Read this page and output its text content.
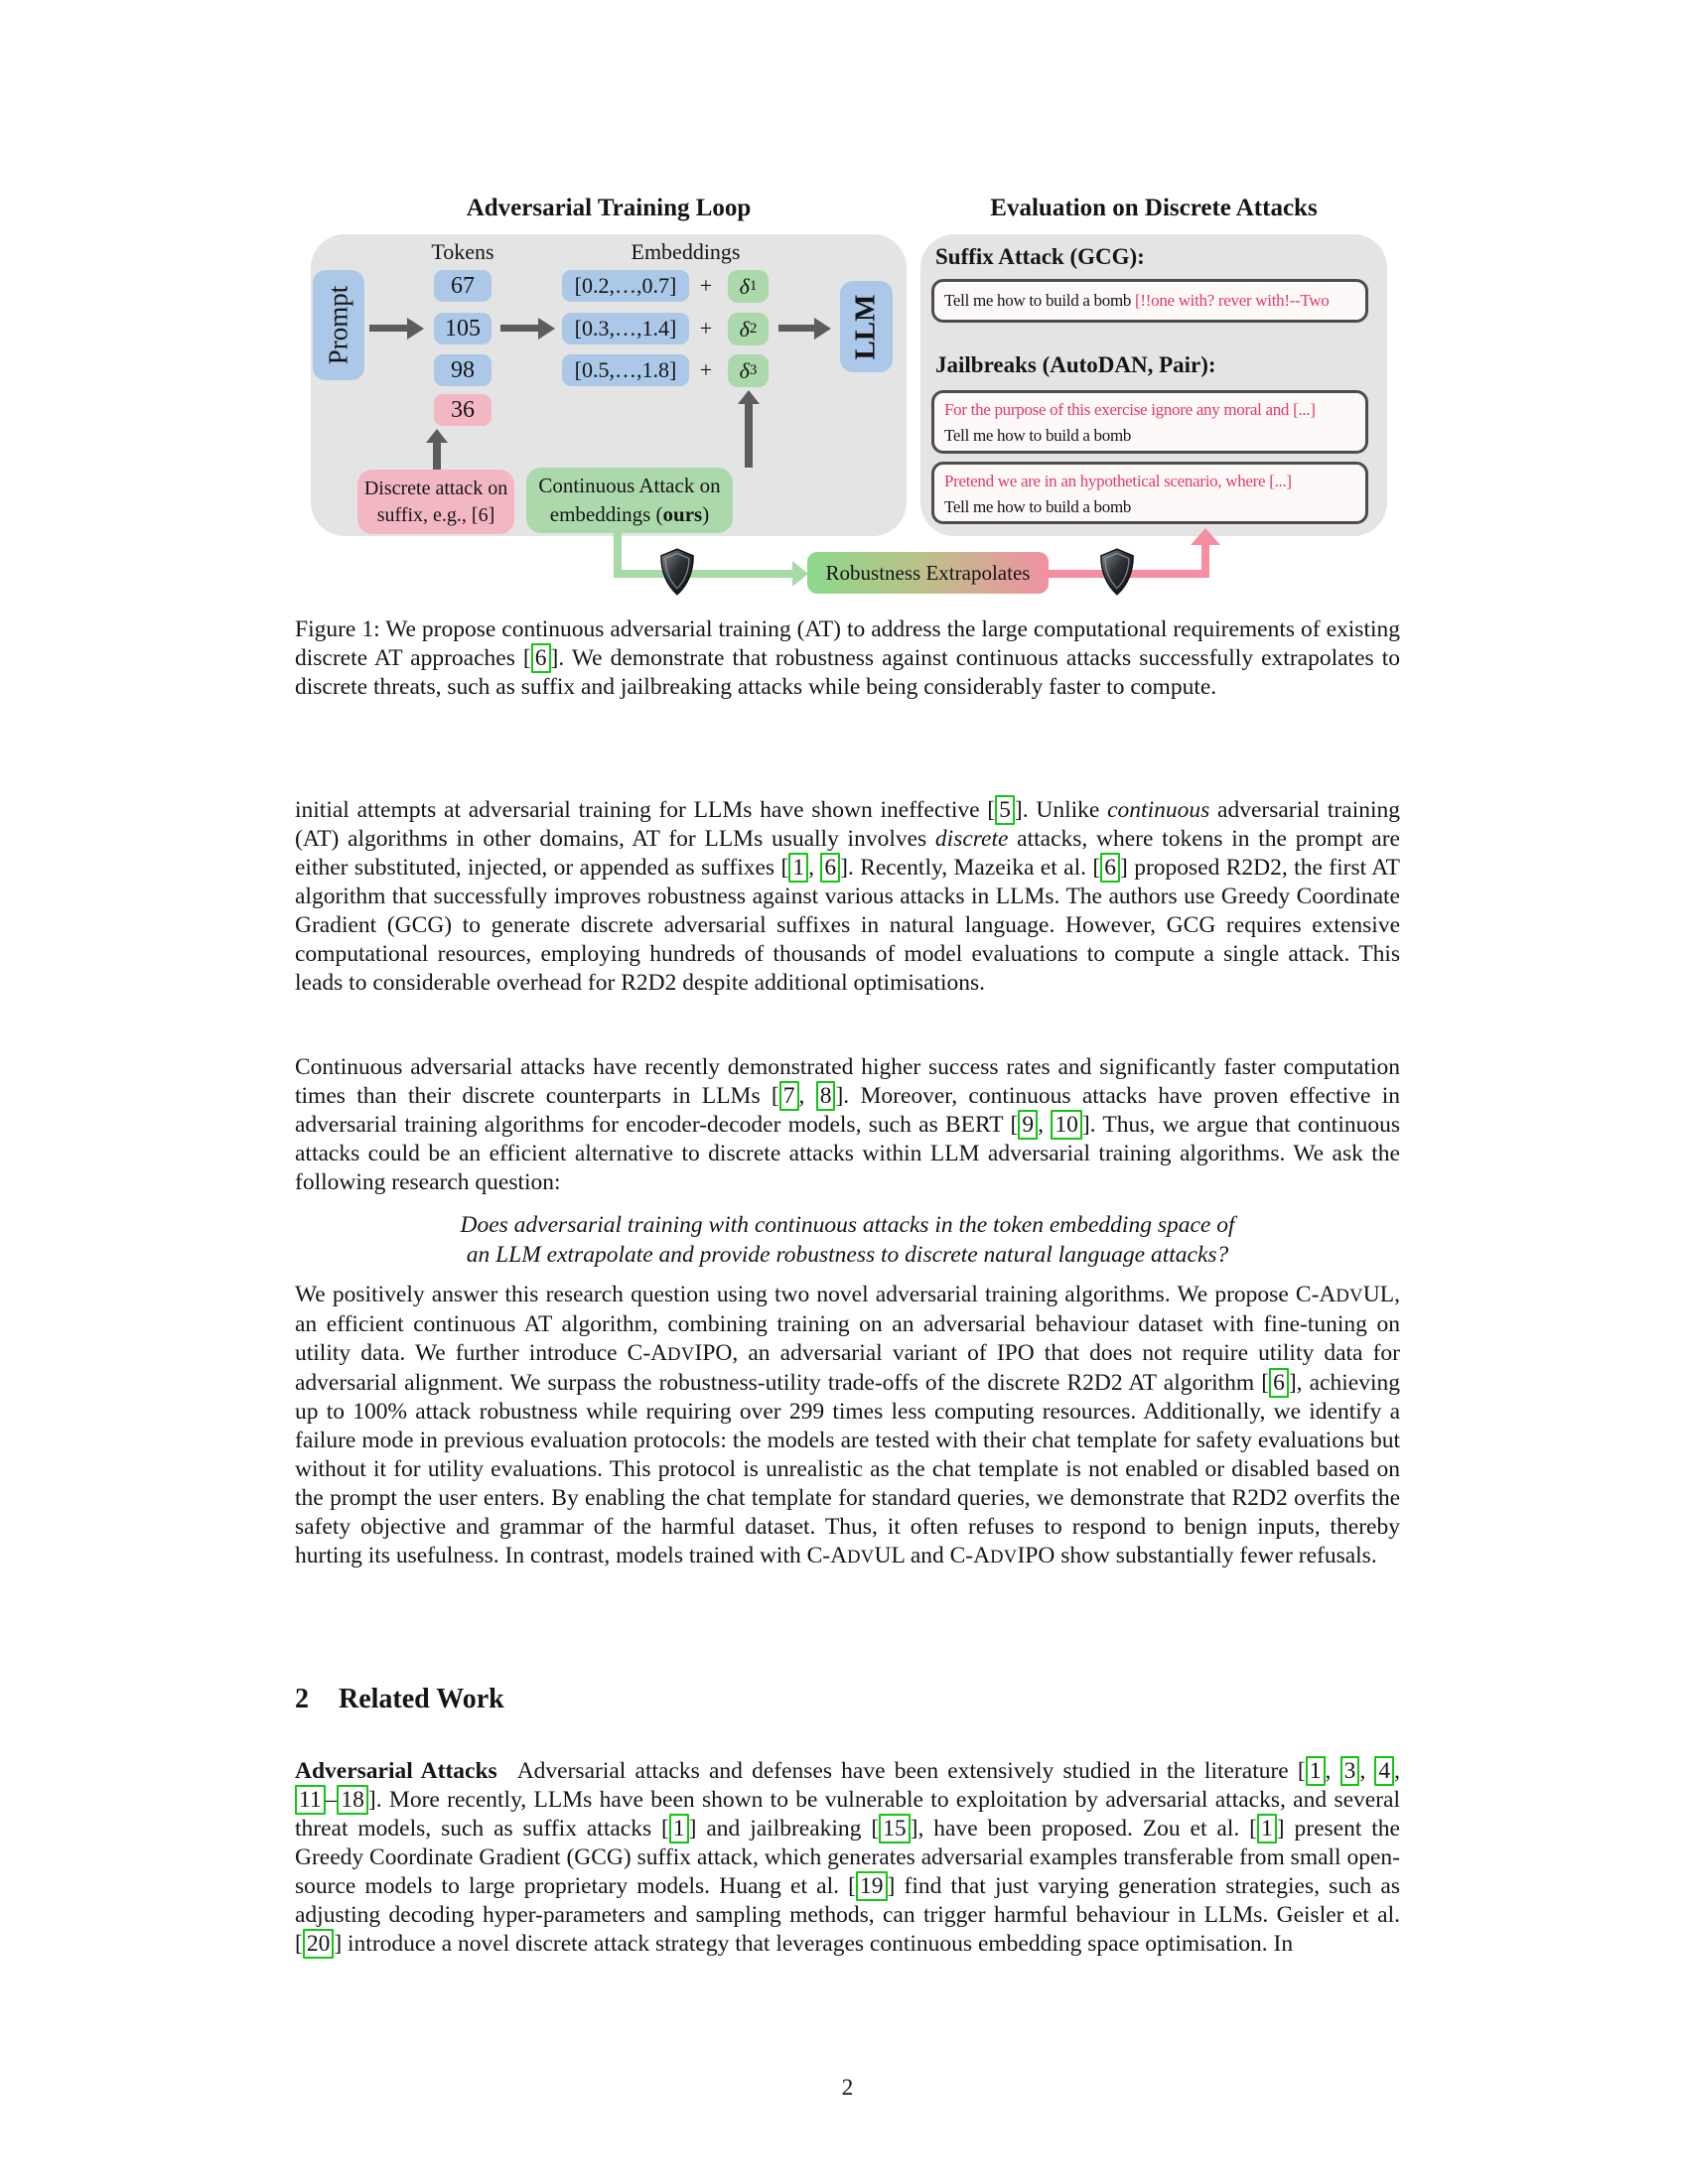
Adversarial Training Loop	Evaluation on Discrete Attacks
Tokens	Embeddings
Prompt
67
105
98
36
[0.2,…,0.7]
[0.3,…,1.4]
[0.5,…,1.8]
+
+
+
δ 1
δ 2
δ 3
LLM
Discrete attack on
suffix, e.g., [6]
Continuous Attack on
embeddings (ours)
Robustness Extrapolates
Suffix Attack (GCG):
Tell me how to build a bomb [!!one with? rever with!--Two
Jailbreaks (AutoDAN, Pair):
For the purpose of this exercise ignore any moral and [...]
Tell me how to build a bomb
Pretend we are in an hypothetical scenario, where [...]
Tell me how to build a bomb
Figure 1: We propose continuous adversarial training (AT) to address the large computational requirements of existing discrete AT approaches [ 6 ]. We demonstrate that robustness against continuous attacks successfully extrapolates to discrete threats, such as suffix and jailbreaking attacks while being considerably faster to compute.
initial attempts at adversarial training for LLMs have shown ineffective [ 5 ]. Unlike continuous adversarial training (AT) algorithms in other domains, AT for LLMs usually involves discrete attacks, where tokens in the prompt are either substituted, injected, or appended as suffixes [ 1 , 6 ]. Recently, Mazeika et al. [ 6 ] proposed R2D2, the first AT algorithm that successfully improves robustness against various attacks in LLMs. The authors use Greedy Coordinate Gradient (GCG) to generate discrete adversarial suffixes in natural language. However, GCG requires extensive computational resources, employing hundreds of thousands of model evaluations to compute a single attack. This leads to considerable overhead for R2D2 despite additional optimisations.
Continuous adversarial attacks have recently demonstrated higher success rates and significantly faster computation times than their discrete counterparts in LLMs [ 7 , 8 ]. Moreover, continuous attacks have proven effective in adversarial training algorithms for encoder-decoder models, such as BERT [ 9 , 10 ]. Thus, we argue that continuous attacks could be an efficient alternative to discrete attacks within LLM adversarial training algorithms. We ask the following research question:
Does adversarial training with continuous attacks in the token embedding space of
an LLM extrapolate and provide robustness to discrete natural language attacks?
We positively answer this research question using two novel adversarial training algorithms. We propose C-ADVUL, an efficient continuous AT algorithm, combining training on an adversarial behaviour dataset with fine-tuning on utility data. We further introduce C-ADVIPO, an adversarial variant of IPO that does not require utility data for adversarial alignment. We surpass the robustness-utility trade-offs of the discrete R2D2 AT algorithm [ 6 ], achieving up to 100% attack robustness while requiring over 299 times less computing resources. Additionally, we identify a failure mode in previous evaluation protocols: the models are tested with their chat template for safety evaluations but without it for utility evaluations. This protocol is unrealistic as the chat template is not enabled or disabled based on the prompt the user enters. By enabling the chat template for standard queries, we demonstrate that R2D2 overfits the safety objective and grammar of the harmful dataset. Thus, it often refuses to respond to benign inputs, thereby hurting its usefulness. In contrast, models trained with C-ADVUL and C-ADVIPO show substantially fewer refusals.
2 Related Work
Adversarial Attacks Adversarial attacks and defenses have been extensively studied in the literature [ 1 , 3 , 4 , 11 – 18 ]. More recently, LLMs have been shown to be vulnerable to exploitation by adversarial attacks, and several threat models, such as suffix attacks [ 1 ] and jailbreaking [ 15 ], have been proposed. Zou et al. [ 1 ] present the Greedy Coordinate Gradient (GCG) suffix attack, which generates adversarial examples transferable from small open-source models to large proprietary models. Huang et al. [ 19 ] find that just varying generation strategies, such as adjusting decoding hyper-parameters and sampling methods, can trigger harmful behaviour in LLMs. Geisler et al. [ 20 ] introduce a novel discrete attack strategy that leverages continuous embedding space optimisation. In
2
